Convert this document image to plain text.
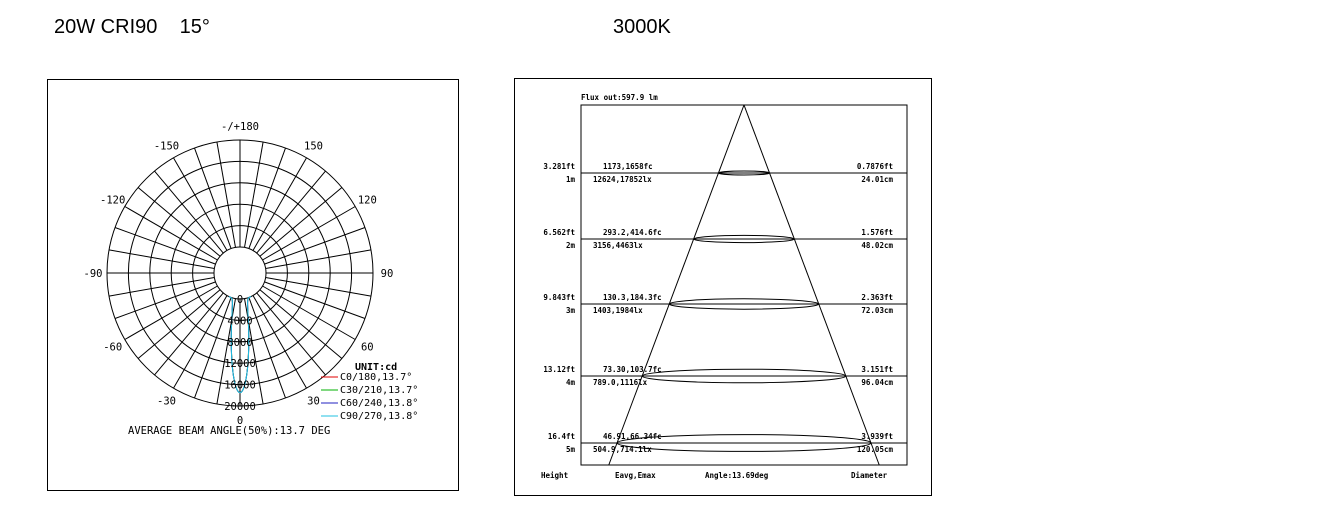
20W CRI90    15°	3000K
-/+180
150
-150
120
-120
90
-90
60
-60
30
-30
0
0
4000
8000
12000
16000
20000
C0/180,13.7°
C30/210,13.7°
C60/240,13.8°
C90/270,13.8°
UNIT:cd
AVERAGE BEAM ANGLE(50%):13.7 DEG
Flux out:597.9 lm
3.281ft
1m
1173,1658fc
12624,17852lx
0.7876ft
24.01cm
6.562ft
2m
293.2,414.6fc
3156,4463lx
1.576ft
48.02cm
9.843ft
3m
130.3,184.3fc
1403,1984lx
2.363ft
72.03cm
13.12ft
4m
73.30,103.7fc
789.0,1116lx
3.151ft
96.04cm
16.4ft
5m
46.91,66.34fc
504.9,714.1lx
3.939ft
120.05cm
Height	Eavg,Emax	Angle:13.69deg	Diameter
